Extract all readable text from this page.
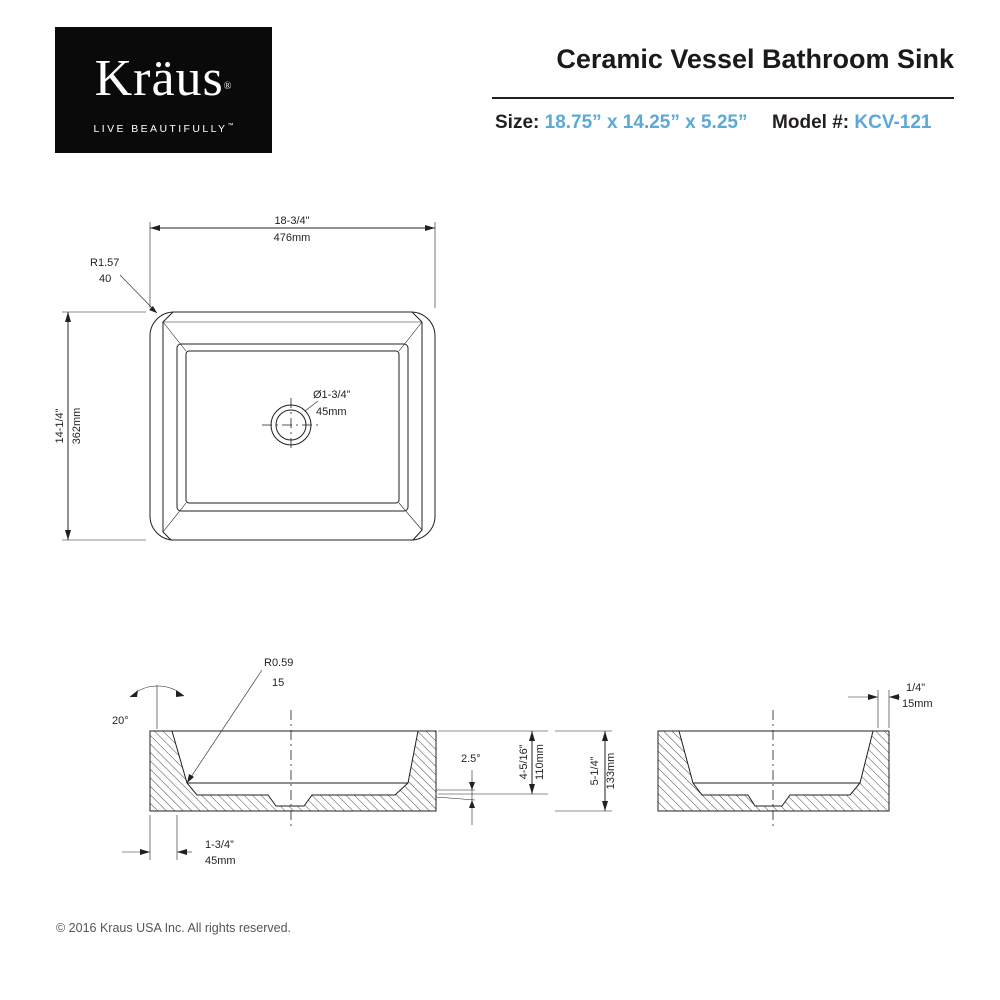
Kräus®
LIVE BEAUTIFULLY™
Ceramic Vessel Bathroom Sink
Size: 18.75” x 14.25” x 5.25” Model #: KCV-121
Ø1-3/4”
45mm
18-3/4"
476mm
R1.57
40
14-1/4" 362mm
R0.59
15
20°
2.5°	4-5/16” 110mm	5-1/4” 133mm
1-3/4”
45mm
1/4"
15mm
© 2016 Kraus USA Inc. All rights reserved.
